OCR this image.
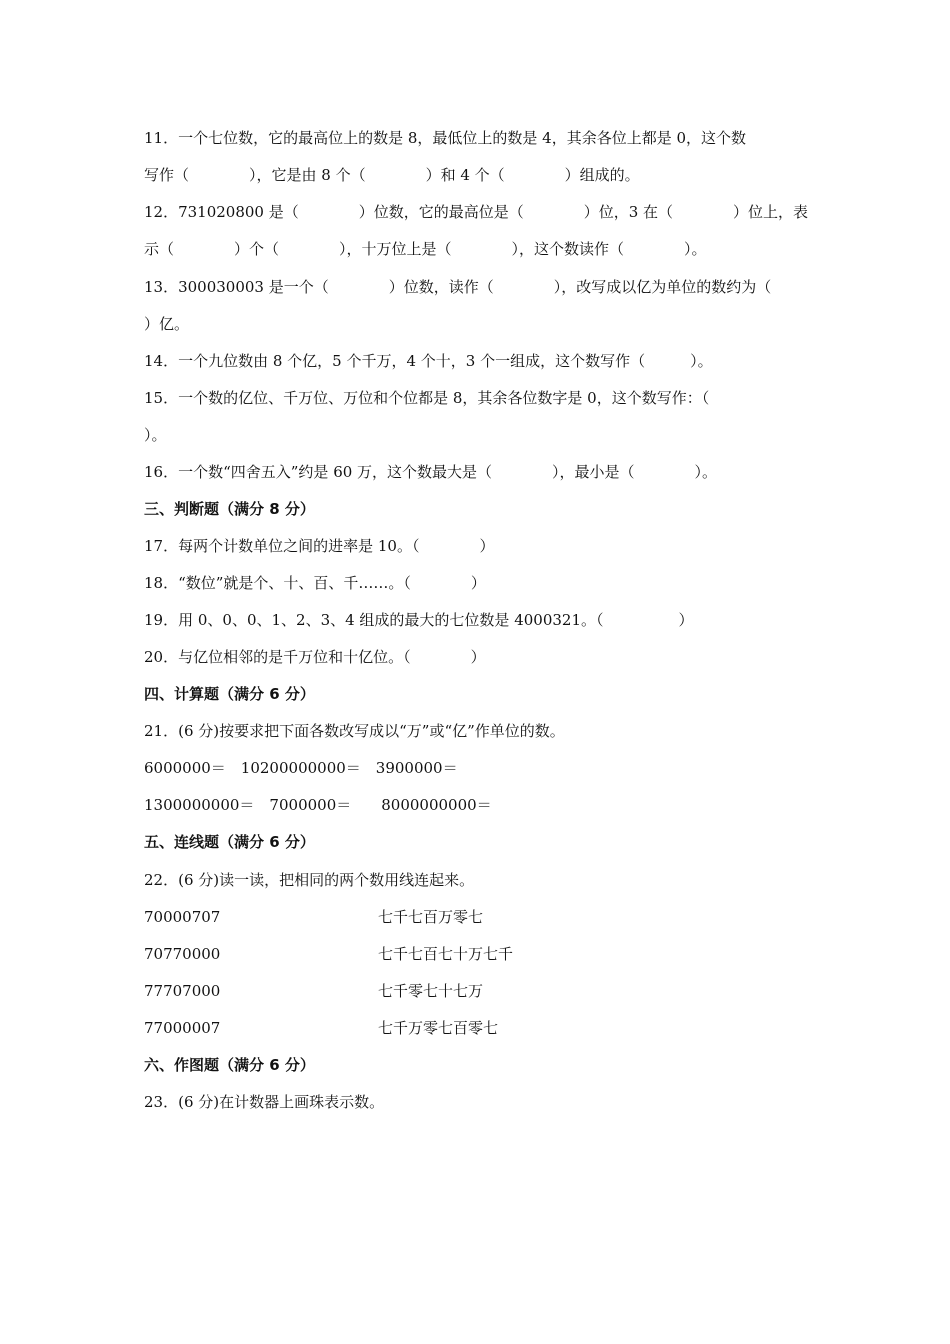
11．一个七位数，它的最高位上的数是 8，最低位上的数是 4，其余各位上都是 0，这个数
写作（　　　　），它是由 8 个（　　　　）和 4 个（　　　　）组成的。
12．731020800 是（　　　　）位数，它的最高位是（　　　　）位，3 在（　　　　）位上，表
示（　　　　）个（　　　　），十万位上是（　　　　），这个数读作（　　　　）。
13．300030003 是一个（　　　　）位数，读作（　　　　），改写成以亿为单位的数约为（
）亿。
14．一个九位数由 8 个亿，5 个千万，4 个十，3 个一组成，这个数写作（　　　）。
15．一个数的亿位、千万位、万位和个位都是 8，其余各位数字是 0，这个数写作：（
）。
16．一个数“四舍五入”约是 60 万，这个数最大是（　　　　），最小是（　　　　）。
三、判断题（满分 8 分）
17．每两个计数单位之间的进率是 10。（　　　　）
18．“数位”就是个、十、百、千……。（　　　　）
19．用 0、0、0、1、2、3、4 组成的最大的七位数是 4000321。（　　　　　）
20．与亿位相邻的是千万位和十亿位。（　　　　）
四、计算题（满分 6 分）
21．(6 分)按要求把下面各数改写成以“万”或“亿”作单位的数。
6000000＝　10200000000＝　3900000＝
1300000000＝　7000000＝　　8000000000＝
五、连线题（满分 6 分）
22．(6 分)读一读，把相同的两个数用线连起来。
70000707	七千七百万零七
70770000	七千七百七十万七千
77707000	七千零七十七万
77000007	七千万零七百零七
六、作图题（满分 6 分）
23．(6 分)在计数器上画珠表示数。
